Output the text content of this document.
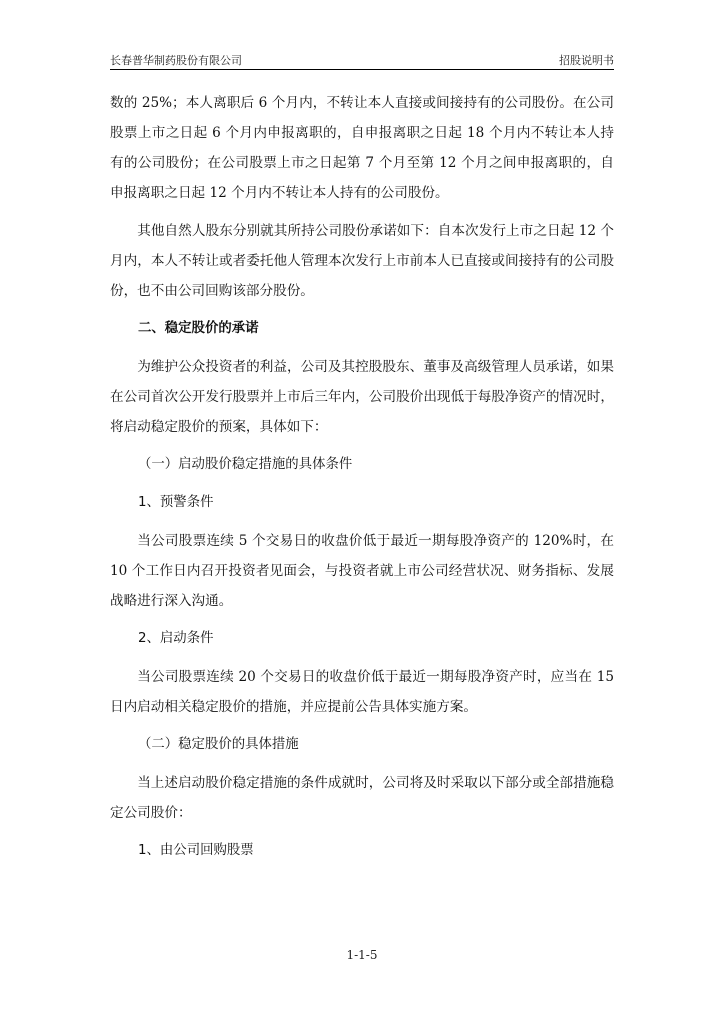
长春普华制药股份有限公司	招股说明书

数的 25%；本人离职后 6 个月内，不转让本人直接或间接持有的公司股份。在公司股票上市之日起 6 个月内申报离职的，自申报离职之日起 18 个月内不转让本人持有的公司股份；在公司股票上市之日起第 7 个月至第 12 个月之间申报离职的，自申报离职之日起 12 个月内不转让本人持有的公司股份。

其他自然人股东分别就其所持公司股份承诺如下：自本次发行上市之日起 12 个月内，本人不转让或者委托他人管理本次发行上市前本人已直接或间接持有的公司股份，也不由公司回购该部分股份。

二、稳定股价的承诺

为维护公众投资者的利益，公司及其控股股东、董事及高级管理人员承诺，如果在公司首次公开发行股票并上市后三年内，公司股价出现低于每股净资产的情况时，将启动稳定股价的预案，具体如下：

（一）启动股价稳定措施的具体条件
1、预警条件

当公司股票连续 5 个交易日的收盘价低于最近一期每股净资产的 120%时，在 10 个工作日内召开投资者见面会，与投资者就上市公司经营状况、财务指标、发展战略进行深入沟通。

2、启动条件

当公司股票连续 20 个交易日的收盘价低于最近一期每股净资产时，应当在 15 日内启动相关稳定股价的措施，并应提前公告具体实施方案。

（二）稳定股价的具体措施

当上述启动股价稳定措施的条件成就时，公司将及时采取以下部分或全部措施稳定公司股价：

1、由公司回购股票
1-1-5
